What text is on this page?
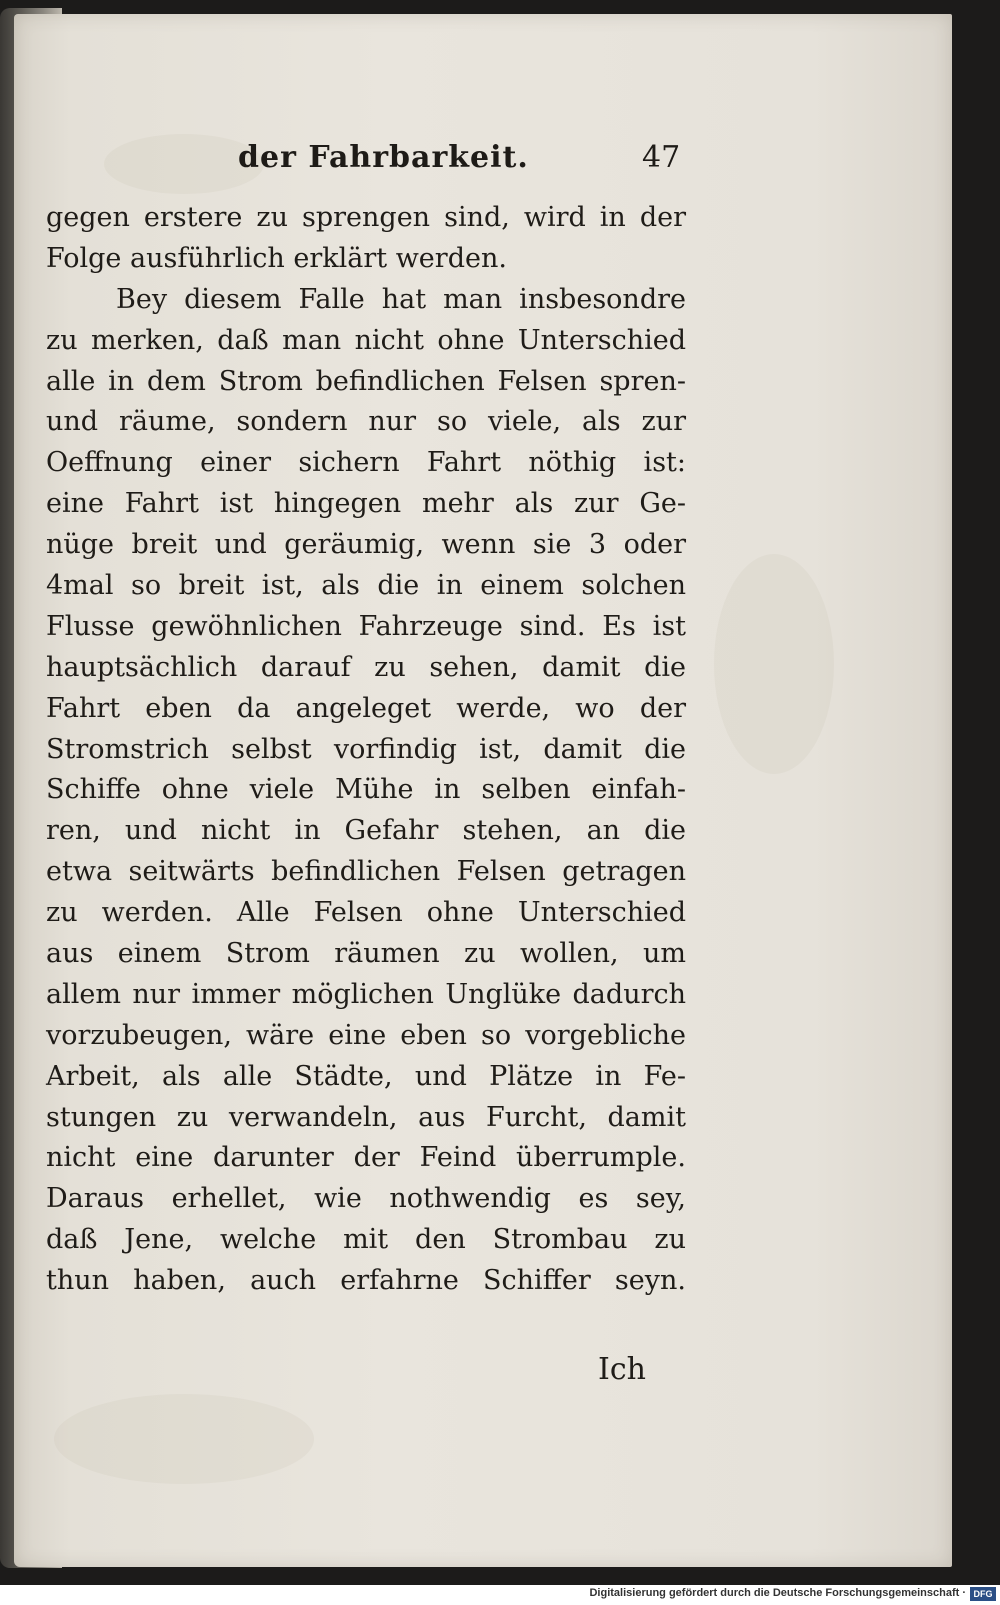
der Fahrbarkeit.	47
gegen erstere zu sprengen sind, wird in der
Folge ausführlich erklärt werden.
Bey diesem Falle hat man insbesondre
zu merken, daß man nicht ohne Unterschied
alle in dem Strom befindlichen Felsen spren-
und räume, sondern nur so viele, als zur
Oeffnung einer sichern Fahrt nöthig ist:
eine Fahrt ist hingegen mehr als zur Ge-
nüge breit und geräumig, wenn sie 3 oder
4mal so breit ist, als die in einem solchen
Flusse gewöhnlichen Fahrzeuge sind. Es ist
hauptsächlich darauf zu sehen, damit die
Fahrt eben da angeleget werde, wo der
Stromstrich selbst vorfindig ist, damit die
Schiffe ohne viele Mühe in selben einfah-
ren, und nicht in Gefahr stehen, an die
etwa seitwärts befindlichen Felsen getragen
zu werden. Alle Felsen ohne Unterschied
aus einem Strom räumen zu wollen, um
allem nur immer möglichen Unglüke dadurch
vorzubeugen, wäre eine eben so vorgebliche
Arbeit, als alle Städte, und Plätze in Fe-
stungen zu verwandeln, aus Furcht, damit
nicht eine darunter der Feind überrumple.
Daraus erhellet, wie nothwendig es sey,
daß Jene, welche mit den Strombau zu
thun haben, auch erfahrne Schiffer seyn.
Ich
Digitalisierung gefördert durch die Deutsche Forschungsgemeinschaft · DFG
